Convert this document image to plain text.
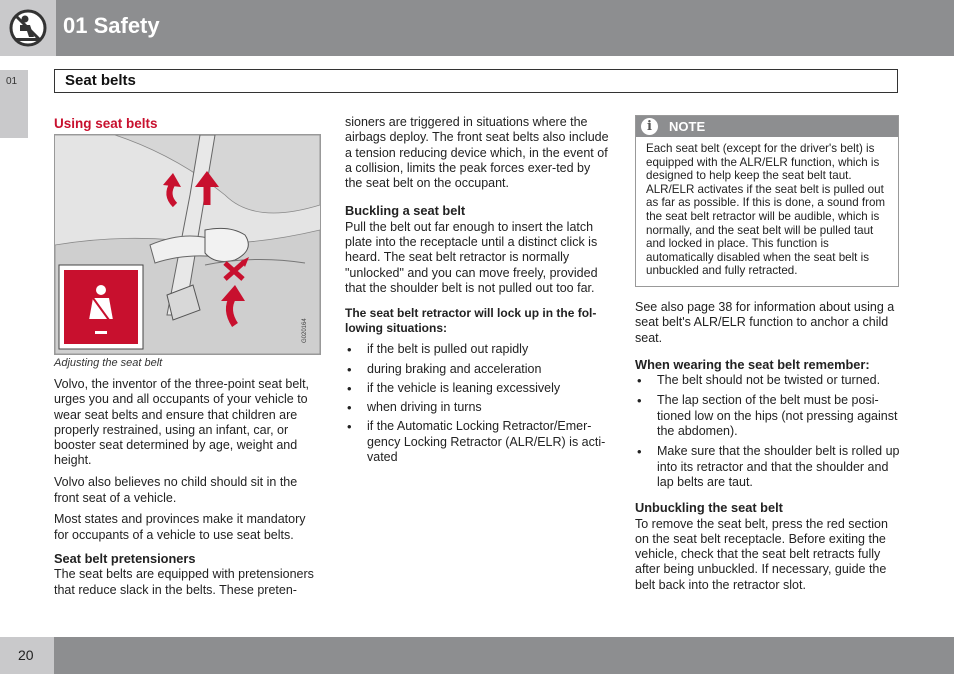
01 Safety
01	Seat belts
Using seat belts
G020164
Adjusting the seat belt

Volvo, the inventor of the three-point seat belt, urges you and all occupants of your vehicle to wear seat belts and ensure that children are properly restrained, using an infant, car, or booster seat determined by age, weight and height.

Volvo also believes no child should sit in the front seat of a vehicle.

Most states and provinces make it mandatory for occupants of a vehicle to use seat belts.

Seat belt pretensioners

The seat belts are equipped with pretensioners that reduce slack in the belts. These preten-

sioners are triggered in situations where the airbags deploy. The front seat belts also include a tension reducing device which, in the event of a collision, limits the peak forces exer-ted by the seat belt on the occupant.

Buckling a seat belt

Pull the belt out far enough to insert the latch plate into the receptacle until a distinct click is heard. The seat belt retractor is normally "unlocked" and you can move freely, provided that the shoulder belt is not pulled out too far.

The seat belt retractor will lock up in the fol-lowing situations:
• if the belt is pulled out rapidly
• during braking and acceleration
• if the vehicle is leaning excessively
• when driving in turns
• if the Automatic Locking Retractor/Emer-gency Locking Retractor (ALR/ELR) is acti-vated
i	NOTE
Each seat belt (except for the driver's belt) is equipped with the ALR/ELR function, which is designed to help keep the seat belt taut. ALR/ELR activates if the seat belt is pulled out as far as possible. If this is done, a sound from the seat belt retractor will be audible, which is normally, and the seat belt will be pulled taut and locked in place. This function is automatically disabled when the seat belt is unbuckled and fully retracted.

See also page 38 for information about using a seat belt's ALR/ELR function to anchor a child seat.

When wearing the seat belt remember:
• The belt should not be twisted or turned.
• The lap section of the belt must be posi-tioned low on the hips (not pressing against the abdomen).
• Make sure that the shoulder belt is rolled up into its retractor and that the shoulder and lap belts are taut.
Unbuckling the seat belt

To remove the seat belt, press the red section on the seat belt receptacle. Before exiting the vehicle, check that the seat belt retracts fully after being unbuckled. If necessary, guide the belt back into the retractor slot.

20
